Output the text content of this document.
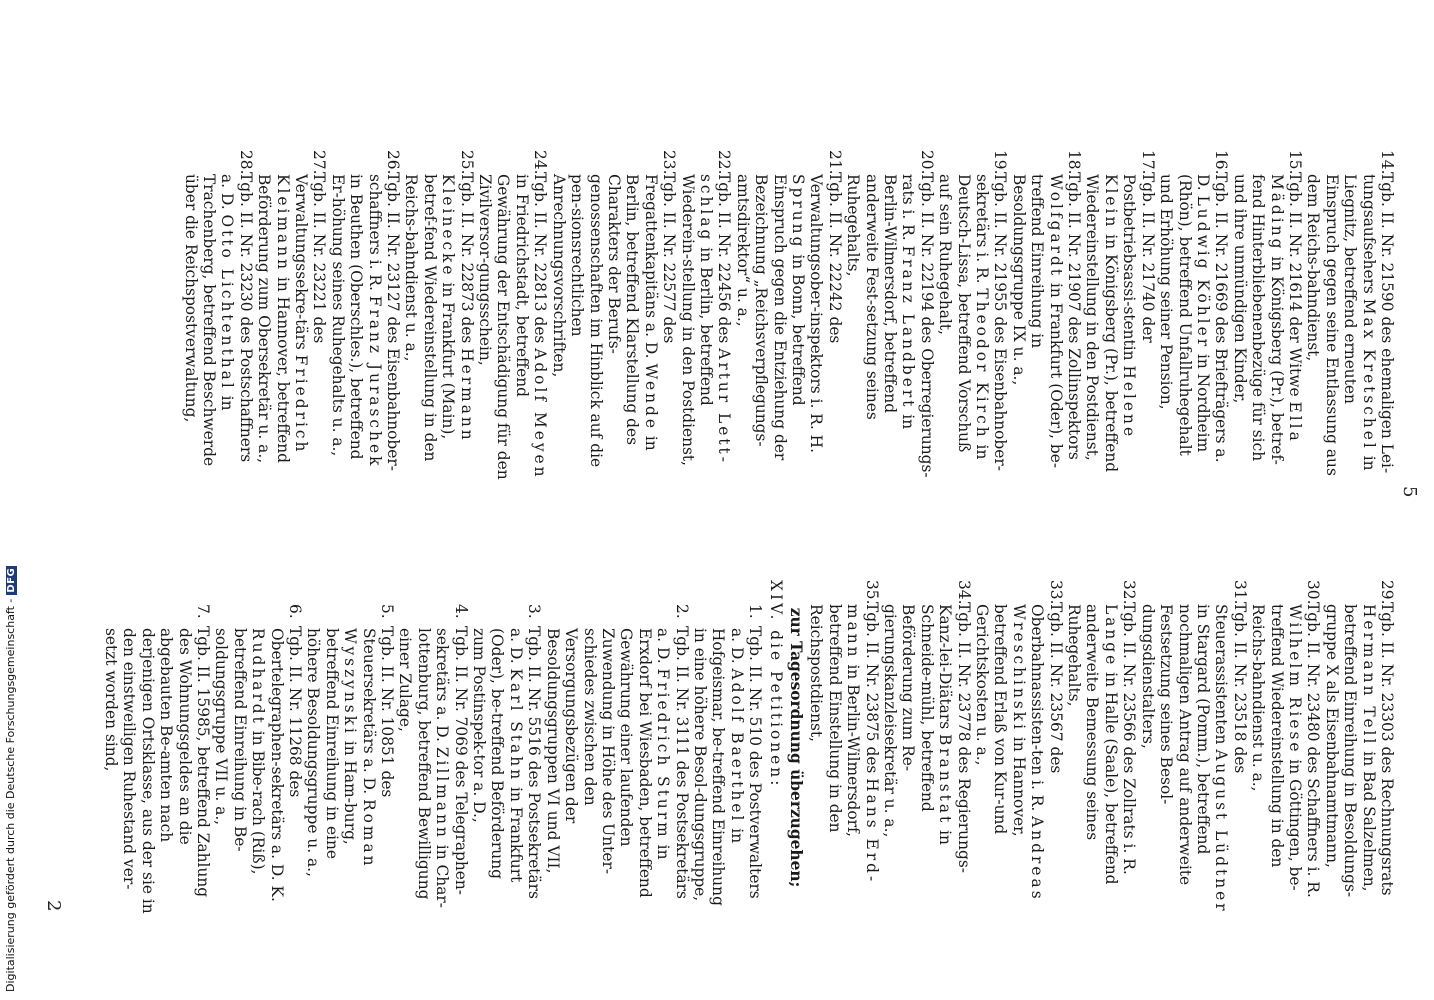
5

14.Tgb. II. Nr. 21590 des ehemaligen Lei-tungsaufsehers Max Kretschel in Liegnitz, betreffend erneuten Einspruch gegen seine Entlassung aus dem Reichs-bahndienst,

15.Tgb. II. Nr. 21614 der Witwe Ella Mäding in Königsberg (Pr.), betref-fend Hinterbliebenenbezüge für sich und ihre unmündigen Kinder,

16.Tgb. II. Nr. 21669 des Briefträgers a. D. Ludwig Köhler in Nordheim (Rhön), betreffend Unfallruhegehalt und Erhöhung seiner Pension,

17.Tgb. II. Nr. 21740 der Postbetriebsassi-stentin Helene Klein in Königsberg (Pr.), betreffend Wiedereinstellung in den Postdienst,

18.Tgb. II. Nr. 21907 des Zollinspektors Wolfgardt in Frankfurt (Oder), be-treffend Einreihung in Besoldungsgruppe IX u. a.,

19.Tgb. II. Nr. 21955 des Eisenbahnober-sekretärs i. R. Theodor Kirch in Deutsch-Lissa, betreffend Vorschuß auf sein Ruhegehalt,

20.Tgb. II. Nr. 22194 des Oberregierungs-rats i. R. Franz Landbert in Berlin-Wilmersdorf, betreffend anderweite Fest-setzung seines Ruhegehalts,

21.Tgb. II. Nr. 22242 des Verwaltungsober-inspektors i. R. H. Sprung in Bonn, betreffend Einspruch gegen die Entziehung der Bezeichnung „Reichsverpflegungs-amtsdirektor“ u. a.,

22.Tgb. II. Nr. 22456 des Artur Lett-schlag in Berlin, betreffend Wiederein-stellung in den Postdienst,

23.Tgb. II. Nr. 22577 des Fregattenkapitäns a. D. Wende in Berlin, betreffend Klarstellung des Charakters der Berufs-genossenschaften im Hinblick auf die pen-sionsrechtlichen Anrechnungsvorschriften,

24.Tgb. II. Nr. 22813 des Adolf Meyen in Friedrichstadt, betreffend Gewährung der Entschädigung für den Zivilversor-gungsschein,

25.Tgb. II. Nr. 22873 des Hermann Kleinecke in Frankfurt (Main), betref-fend Wiedereinstellung in den Reichs-bahndienst u. a.,

26.Tgb. II. Nr. 23127 des Eisenbahnober-schaffners i. R. Franz Juraschek in Beuthen (Oberschles.), betreffend Er-höhung seines Ruhegehalts u. a.,

27.Tgb. II. Nr. 23221 des Verwaltungssekre-tärs Friedrich Kleimann in Hannover, betreffend Beförderung zum Obersekretär u. a.,

28.Tgb. II. Nr. 23230 des Postschaffners a. D. Otto Lichtenthal in Trachenberg, betreffend Beschwerde über die Reichspostverwaltung,

29.Tgb. II. Nr. 23303 des Rechnungsrats Hermann Tell in Bad Salzelmen, betreffend Einreihung in Besoldungs-gruppe X als Eisenbahnamtmann,

30.Tgb. II. Nr. 23480 des Schaffners i. R. Wilhelm Riese in Göttingen, be-treffend Wiedereinstellung in den Reichs-bahndienst u. a.,

31.Tgb. II. Nr. 23518 des Steuerassistenten August Lüdtner in Stargard (Pomm.), betreffend nochmaligen Antrag auf anderweite Festsetzung seines Besol-dungsdienstalters,

32.Tgb. II. Nr. 23566 des Zollrats i. R. Lange in Halle (Saale), betreffend anderweite Bemessung seines Ruhegehalts,

33.Tgb. II. Nr. 23567 des Oberbahnassisten-ten i. R. Andreas Wreschinski in Hannover, betreffend Erlaß von Kur-und Gerichtskosten u. a.,

34.Tgb. II. Nr. 23778 des Regierungs-Kanz-lei-Diätars Branstat in Schneide-mühl, betreffend Beförderung zum Re-gierungskanzleisekretär u. a.,

35.Tgb. II. Nr. 23875 des Hans Erd-mann in Berlin-Wilmersdorf, betreffend Einstellung in den Reichspostdienst,

zur Tagesordnung überzugehen;
XIV. die Petitionen:

1.Tgb. II. Nr. 510 des Postverwalters a. D. Adolf Baerthel in Hofgeismar, be-treffend Einreihung in eine höhere Besol-dungsgruppe,

2.Tgb. II. Nr. 3111 des Postsekretärs a. D. Friedrich Sturm in Erxdorf bei Wiesbaden, betreffend Gewährung einer laufenden Zuwendung in Höhe des Unter-schiedes zwischen den Versorgungsbezügen der Besoldungsgruppen VI und VII,

3.Tgb. II. Nr. 5516 des Postsekretärs a. D. Karl Stahn in Frankfurt (Oder), be-treffend Beförderung zum Postinspek-tor a. D.,

4.Tgb. II. Nr. 7069 des Telegraphen-sekretärs a. D. Zillmann in Char-lottenburg, betreffend Bewilligung einer Zulage,

5.Tgb. II. Nr. 10851 des Steuersekretärs a. D. Roman Wyszynski in Ham-burg, betreffend Einreihung in eine höhere Besoldungsgruppe u. a.,

6.Tgb. II. Nr. 11268 des Obertelegraphen-sekretärs a. D. K. Rudhardt in Bibe-rach (Riß), betreffend Einreihung in Be-soldungsgruppe VII u. a.,

7.Tgb. II. 15985, betreffend Zahlung des Wohnungsgeldes an die abgebauten Be-amten nach derjenigen Ortsklasse, aus der sie in den einstweiligen Ruhestand ver-setzt worden sind,

2
Digitalisierung gefördert durch die Deutsche Forschungsgemeinschaft -DFG
